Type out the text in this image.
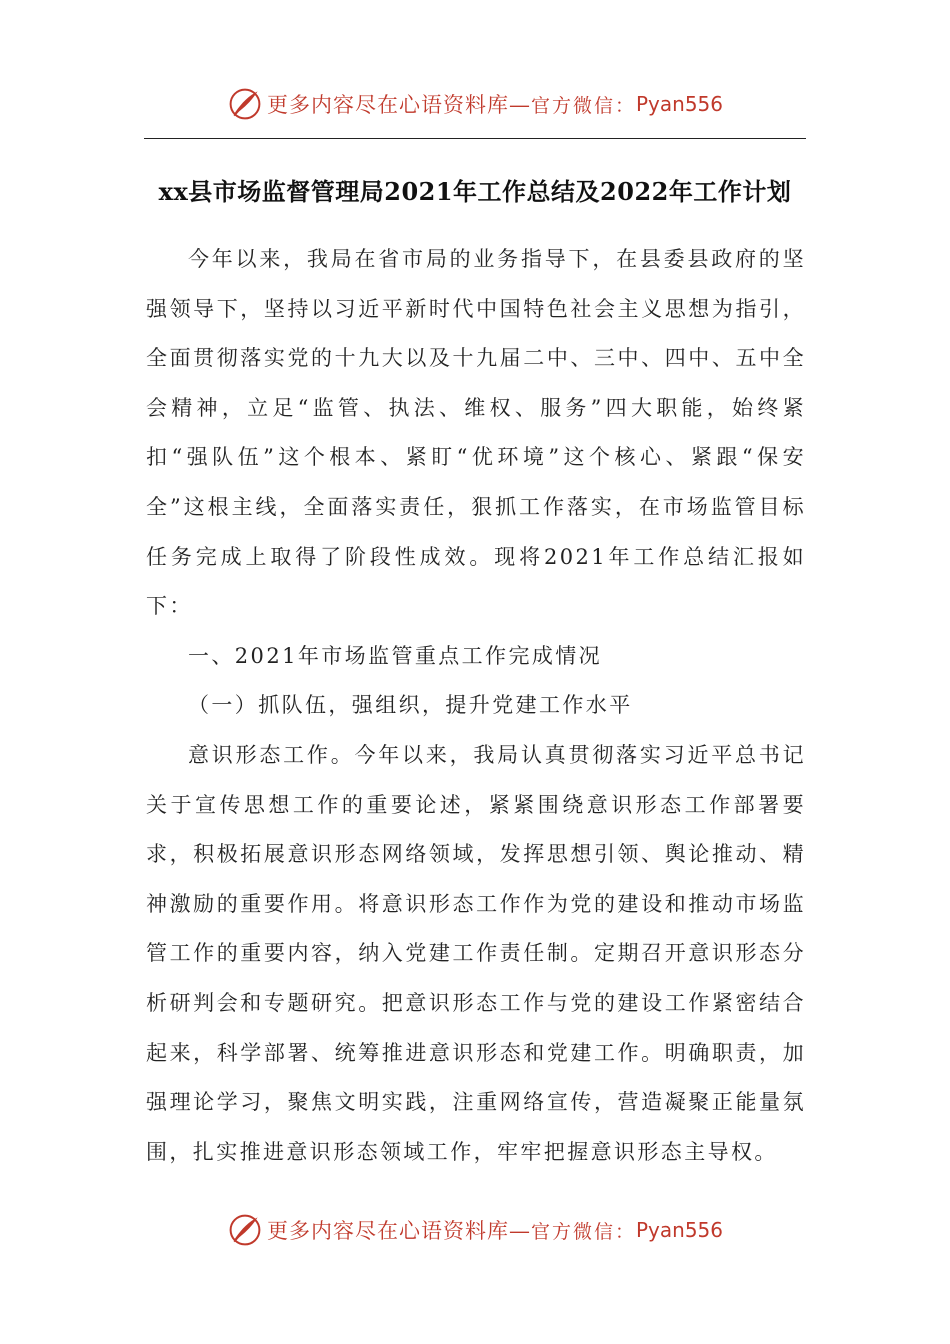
更多内容尽在心语资料库— 官方微信： Pyan556
xx县市场监督管理局2021年工作总结及2022年工作计划

今年以来，我局在省市局的业务指导下，在县委县政府的坚强领导下，坚持以习近平新时代中国特色社会主义思想为指引，全面贯彻落实党的十九大以及十九届二中、三中、四中、五中全会精神，立足“监管、执法、维权、服务”四大职能，始终紧扣“强队伍”这个根本、紧盯“优环境”这个核心、紧跟“保安全”这根主线，全面落实责任，狠抓工作落实，在市场监管目标任务完成上取得了阶段性成效。现将2021年工作总结汇报如下：

一、2021年市场监管重点工作完成情况

（一）抓队伍，强组织，提升党建工作水平

意识形态工作。今年以来，我局认真贯彻落实习近平总书记关于宣传思想工作的重要论述，紧紧围绕意识形态工作部署要求，积极拓展意识形态网络领域，发挥思想引领、舆论推动、精神激励的重要作用。将意识形态工作作为党的建设和推动市场监管工作的重要内容，纳入党建工作责任制。定期召开意识形态分析研判会和专题研究。把意识形态工作与党的建设工作紧密结合起来，科学部署、统筹推进意识形态和党建工作。明确职责，加强理论学习，聚焦文明实践，注重网络宣传，营造凝聚正能量氛围，扎实推进意识形态领域工作，牢牢把握意识形态主导权。

更多内容尽在心语资料库— 官方微信： Pyan556
